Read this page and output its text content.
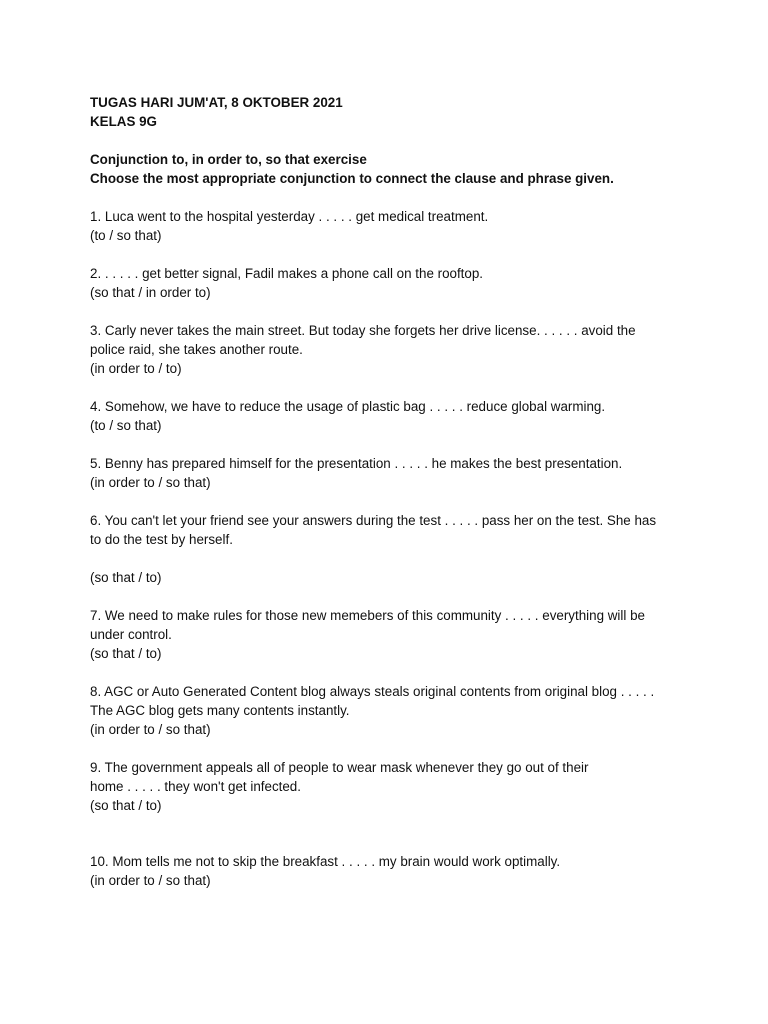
TUGAS HARI JUM'AT, 8 OKTOBER 2021

KELAS 9G

Conjunction to, in order to, so that exercise

Choose the most appropriate conjunction to connect the clause and phrase given.

1. Luca went to the hospital yesterday . . . . . get medical treatment.

(to / so that)

2. . . . . . get better signal, Fadil makes a phone call on the rooftop.

(so that / in order to)

3. Carly never takes the main street. But today she forgets her drive license. . . . . . avoid the

police raid, she takes another route.

(in order to / to)

4. Somehow, we have to reduce the usage of plastic bag . . . . . reduce global warming.

(to / so that)

5. Benny has prepared himself for the presentation . . . . . he makes the best presentation.

(in order to / so that)

6. You can't let your friend see your answers during the test . . . . . pass her on the test. She has

to do the test by herself.

(so that / to)

7. We need to make rules for those new memebers of this community . . . . . everything will be

under control.

(so that / to)

8. AGC or Auto Generated Content blog always steals original contents from original blog . . . . .

The AGC blog gets many contents instantly.

(in order to / so that)

9. The government appeals all of people to wear mask whenever they go out of their

home . . . . . they won't get infected.

(so that / to)

10. Mom tells me not to skip the breakfast . . . . . my brain would work optimally.

(in order to / so that)
